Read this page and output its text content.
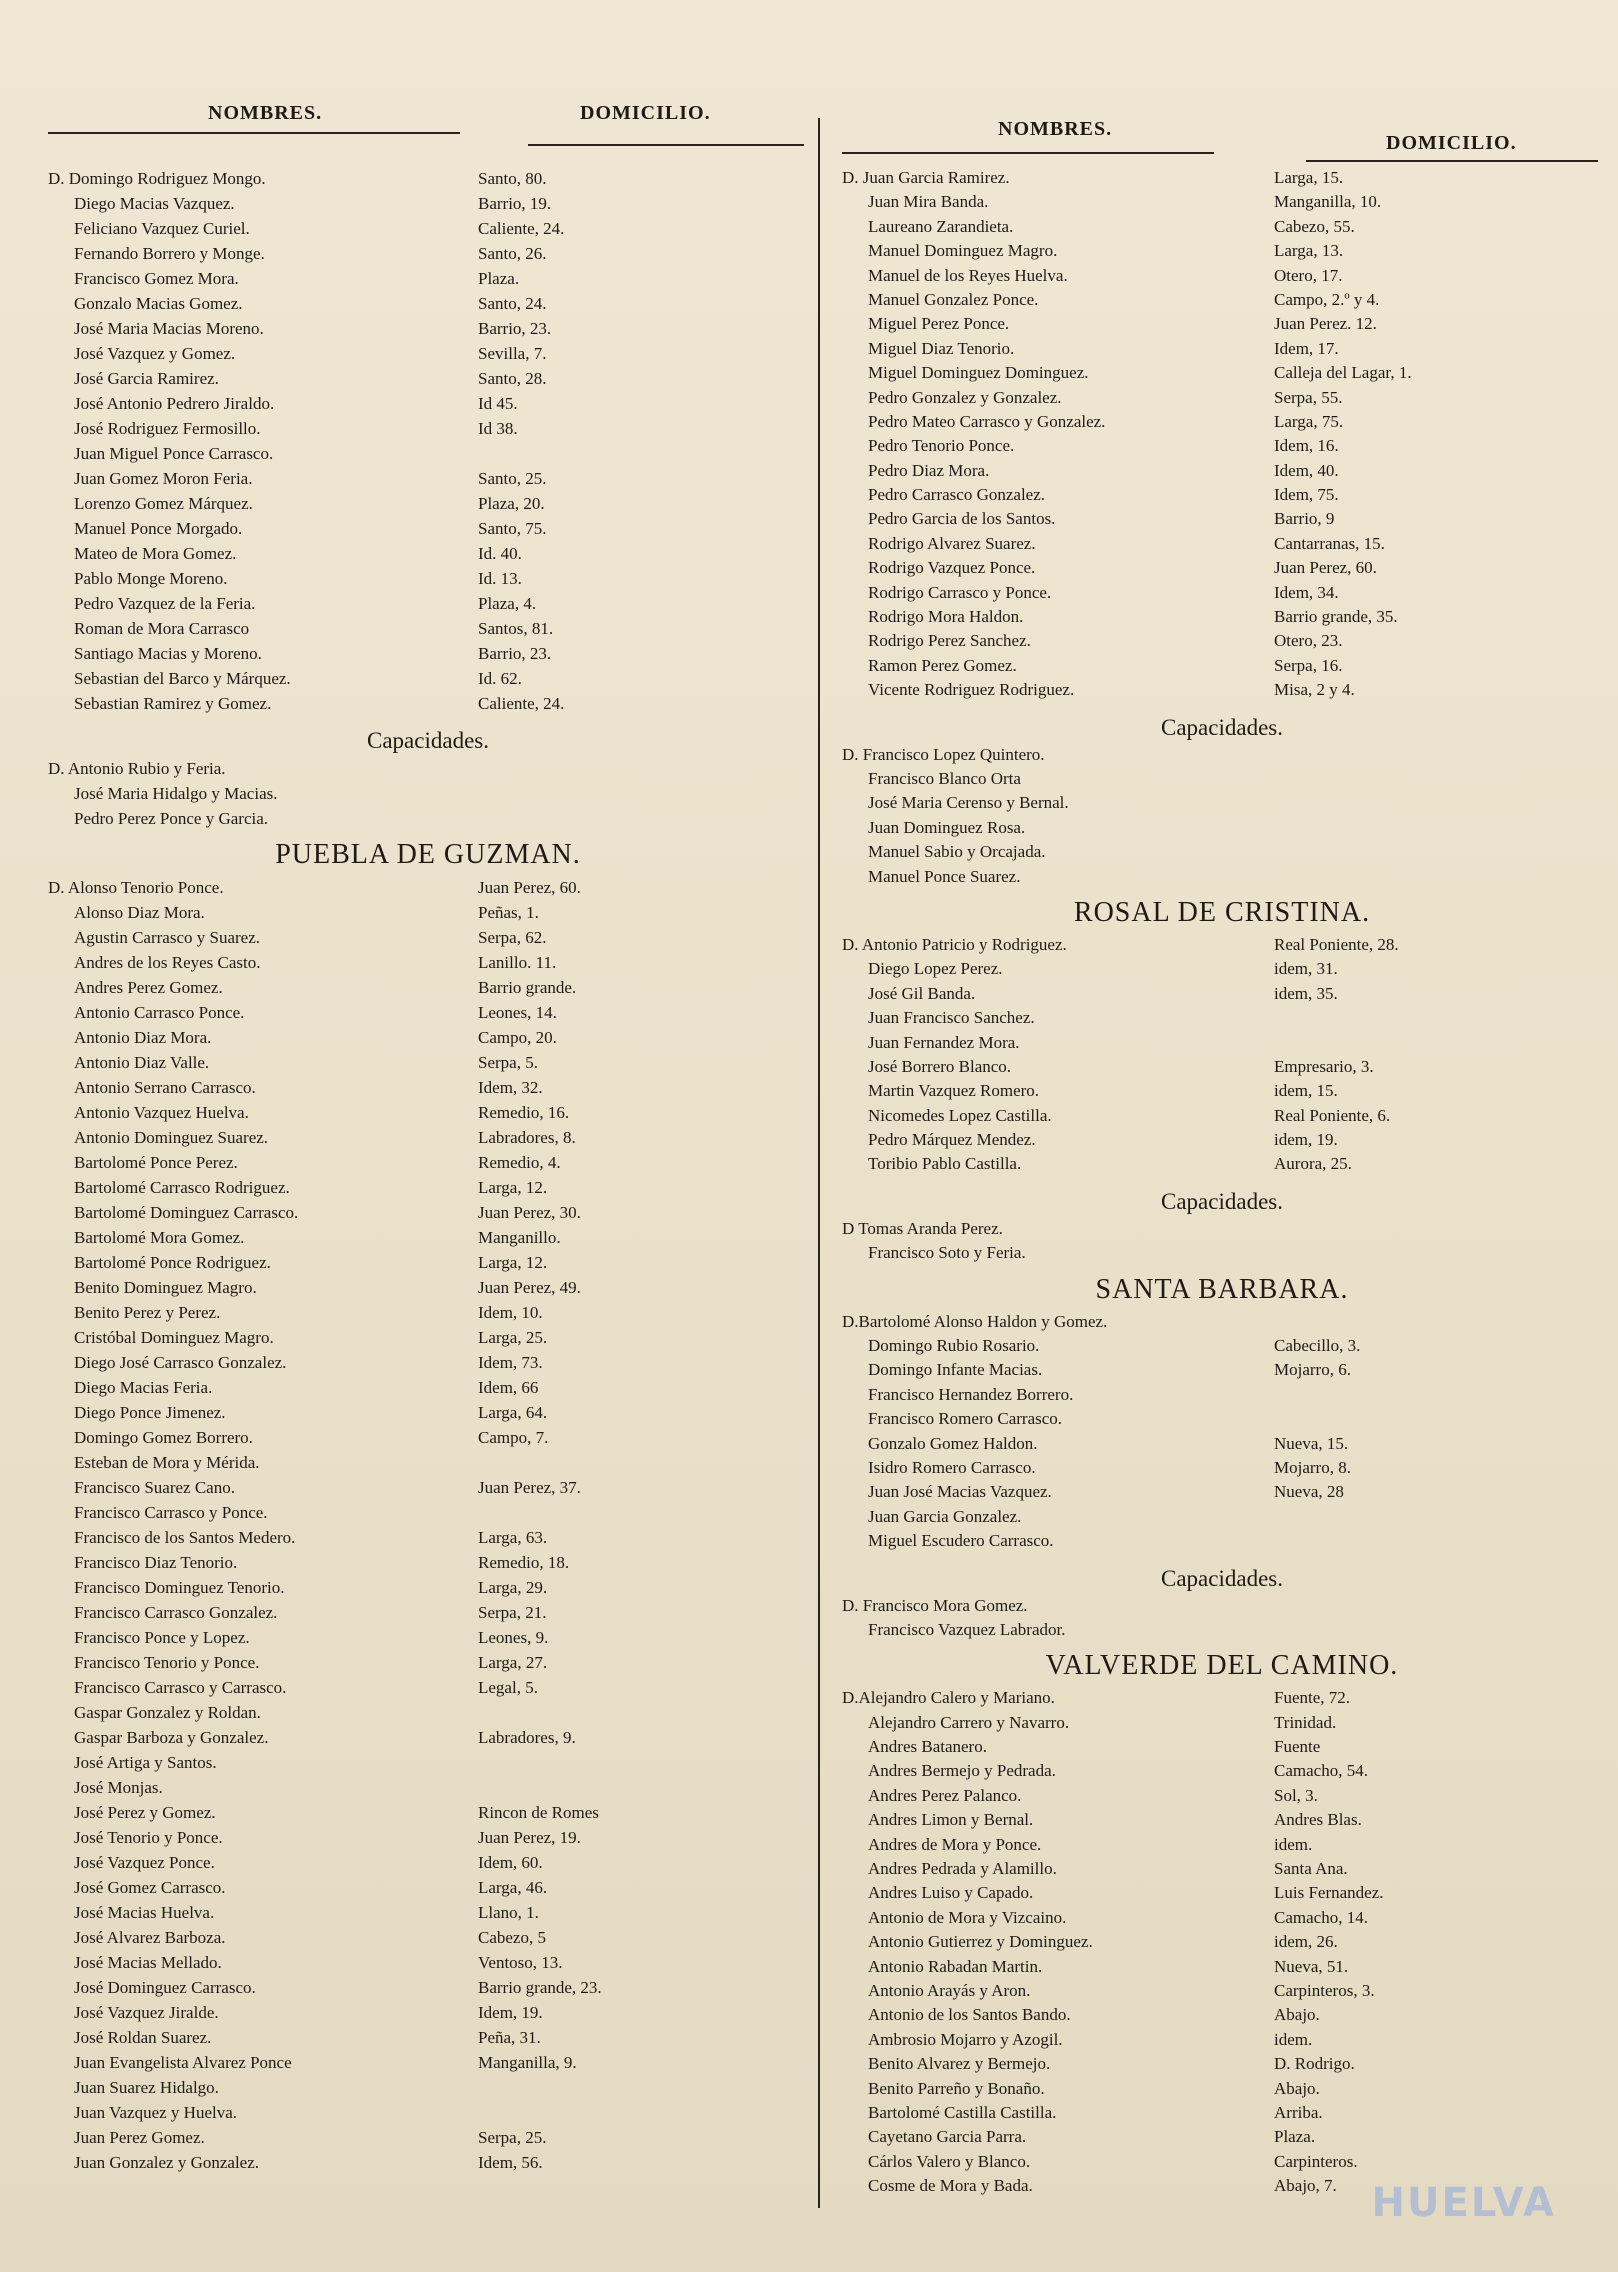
NOMBRES.	DOMICILIO.
D. Domingo Rodriguez Mongo.	Santo, 80.
Diego Macias Vazquez.	Barrio, 19.
Feliciano Vazquez Curiel.	Caliente, 24.
Fernando Borrero y Monge.	Santo, 26.
Francisco Gomez Mora.	Plaza.
Gonzalo Macias Gomez.	Santo, 24.
José Maria Macias Moreno.	Barrio, 23.
José Vazquez y Gomez.	Sevilla, 7.
José Garcia Ramirez.	Santo, 28.
José Antonio Pedrero Jiraldo.	Id 45.
José Rodriguez Fermosillo.	Id 38.
Juan Miguel Ponce Carrasco.
Juan Gomez Moron Feria.	Santo, 25.
Lorenzo Gomez Márquez.	Plaza, 20.
Manuel Ponce Morgado.	Santo, 75.
Mateo de Mora Gomez.	Id. 40.
Pablo Monge Moreno.	Id. 13.
Pedro Vazquez de la Feria.	Plaza, 4.
Roman de Mora Carrasco	Santos, 81.
Santiago Macias y Moreno.	Barrio, 23.
Sebastian del Barco y Márquez.	Id. 62.
Sebastian Ramirez y Gomez.	Caliente, 24.
Capacidades.
D. Antonio Rubio y Feria.
José Maria Hidalgo y Macias.
Pedro Perez Ponce y Garcia.
PUEBLA DE GUZMAN.
D. Alonso Tenorio Ponce.	Juan Perez, 60.
Alonso Diaz Mora.	Peñas, 1.
Agustin Carrasco y Suarez.	Serpa, 62.
Andres de los Reyes Casto.	Lanillo. 11.
Andres Perez Gomez.	Barrio grande.
Antonio Carrasco Ponce.	Leones, 14.
Antonio Diaz Mora.	Campo, 20.
Antonio Diaz Valle.	Serpa, 5.
Antonio Serrano Carrasco.	Idem, 32.
Antonio Vazquez Huelva.	Remedio, 16.
Antonio Dominguez Suarez.	Labradores, 8.
Bartolomé Ponce Perez.	Remedio, 4.
Bartolomé Carrasco Rodriguez.	Larga, 12.
Bartolomé Dominguez Carrasco.	Juan Perez, 30.
Bartolomé Mora Gomez.	Manganillo.
Bartolomé Ponce Rodriguez.	Larga, 12.
Benito Dominguez Magro.	Juan Perez, 49.
Benito Perez y Perez.	Idem, 10.
Cristóbal Dominguez Magro.	Larga, 25.
Diego José Carrasco Gonzalez.	Idem, 73.
Diego Macias Feria.	Idem, 66
Diego Ponce Jimenez.	Larga, 64.
Domingo Gomez Borrero.	Campo, 7.
Esteban de Mora y Mérida.
Francisco Suarez Cano.	Juan Perez, 37.
Francisco Carrasco y Ponce.
Francisco de los Santos Medero.	Larga, 63.
Francisco Diaz Tenorio.	Remedio, 18.
Francisco Dominguez Tenorio.	Larga, 29.
Francisco Carrasco Gonzalez.	Serpa, 21.
Francisco Ponce y Lopez.	Leones, 9.
Francisco Tenorio y Ponce.	Larga, 27.
Francisco Carrasco y Carrasco.	Legal, 5.
Gaspar Gonzalez y Roldan.
Gaspar Barboza y Gonzalez.	Labradores, 9.
José Artiga y Santos.
José Monjas.
José Perez y Gomez.	Rincon de Romes
José Tenorio y Ponce.	Juan Perez, 19.
José Vazquez Ponce.	Idem, 60.
José Gomez Carrasco.	Larga, 46.
José Macias Huelva.	Llano, 1.
José Alvarez Barboza.	Cabezo, 5
José Macias Mellado.	Ventoso, 13.
José Dominguez Carrasco.	Barrio grande, 23.
José Vazquez Jiralde.	Idem, 19.
José Roldan Suarez.	Peña, 31.
Juan Evangelista Alvarez Ponce	Manganilla, 9.
Juan Suarez Hidalgo.
Juan Vazquez y Huelva.
Juan Perez Gomez.	Serpa, 25.
Juan Gonzalez y Gonzalez.	Idem, 56.
NOMBRES.
DOMICILIO.
D. Juan Garcia Ramirez.	Larga, 15.
Juan Mira Banda.	Manganilla, 10.
Laureano Zarandieta.	Cabezo, 55.
Manuel Dominguez Magro.	Larga, 13.
Manuel de los Reyes Huelva.	Otero, 17.
Manuel Gonzalez Ponce.	Campo, 2.º y 4.
Miguel Perez Ponce.	Juan Perez. 12.
Miguel Diaz Tenorio.	Idem, 17.
Miguel Dominguez Dominguez.	Calleja del Lagar, 1.
Pedro Gonzalez y Gonzalez.	Serpa, 55.
Pedro Mateo Carrasco y Gonzalez.	Larga, 75.
Pedro Tenorio Ponce.	Idem, 16.
Pedro Diaz Mora.	Idem, 40.
Pedro Carrasco Gonzalez.	Idem, 75.
Pedro Garcia de los Santos.	Barrio, 9
Rodrigo Alvarez Suarez.	Cantarranas, 15.
Rodrigo Vazquez Ponce.	Juan Perez, 60.
Rodrigo Carrasco y Ponce.	Idem, 34.
Rodrigo Mora Haldon.	Barrio grande, 35.
Rodrigo Perez Sanchez.	Otero, 23.
Ramon Perez Gomez.	Serpa, 16.
Vicente Rodriguez Rodriguez.	Misa, 2 y 4.
Capacidades.
D. Francisco Lopez Quintero.
Francisco Blanco Orta
José Maria Cerenso y Bernal.
Juan Dominguez Rosa.
Manuel Sabio y Orcajada.
Manuel Ponce Suarez.
ROSAL DE CRISTINA.
D. Antonio Patricio y Rodriguez.	Real Poniente, 28.
Diego Lopez Perez.	idem, 31.
José Gil Banda.	idem, 35.
Juan Francisco Sanchez.
Juan Fernandez Mora.
José Borrero Blanco.	Empresario, 3.
Martin Vazquez Romero.	idem, 15.
Nicomedes Lopez Castilla.	Real Poniente, 6.
Pedro Márquez Mendez.	idem, 19.
Toribio Pablo Castilla.	Aurora, 25.
Capacidades.
D Tomas Aranda Perez.
Francisco Soto y Feria.
SANTA BARBARA.
D.Bartolomé Alonso Haldon y Gomez.
Domingo Rubio Rosario.	Cabecillo, 3.
Domingo Infante Macias.	Mojarro, 6.
Francisco Hernandez Borrero.
Francisco Romero Carrasco.
Gonzalo Gomez Haldon.	Nueva, 15.
Isidro Romero Carrasco.	Mojarro, 8.
Juan José Macias Vazquez.	Nueva, 28
Juan Garcia Gonzalez.
Miguel Escudero Carrasco.
Capacidades.
D. Francisco Mora Gomez.
Francisco Vazquez Labrador.
VALVERDE DEL CAMINO.
D.Alejandro Calero y Mariano.	Fuente, 72.
Alejandro Carrero y Navarro.	Trinidad.
Andres Batanero.	Fuente
Andres Bermejo y Pedrada.	Camacho, 54.
Andres Perez Palanco.	Sol, 3.
Andres Limon y Bernal.	Andres Blas.
Andres de Mora y Ponce.	idem.
Andres Pedrada y Alamillo.	Santa Ana.
Andres Luiso y Capado.	Luis Fernandez.
Antonio de Mora y Vizcaino.	Camacho, 14.
Antonio Gutierrez y Dominguez.	idem, 26.
Antonio Rabadan Martin.	Nueva, 51.
Antonio Arayás y Aron.	Carpinteros, 3.
Antonio de los Santos Bando.	Abajo.
Ambrosio Mojarro y Azogil.	idem.
Benito Alvarez y Bermejo.	D. Rodrigo.
Benito Parreño y Bonaño.	Abajo.
Bartolomé Castilla Castilla.	Arriba.
Cayetano Garcia Parra.	Plaza.
Cárlos Valero y Blanco.	Carpinteros.
Cosme de Mora y Bada.	Abajo, 7. HUELVA
